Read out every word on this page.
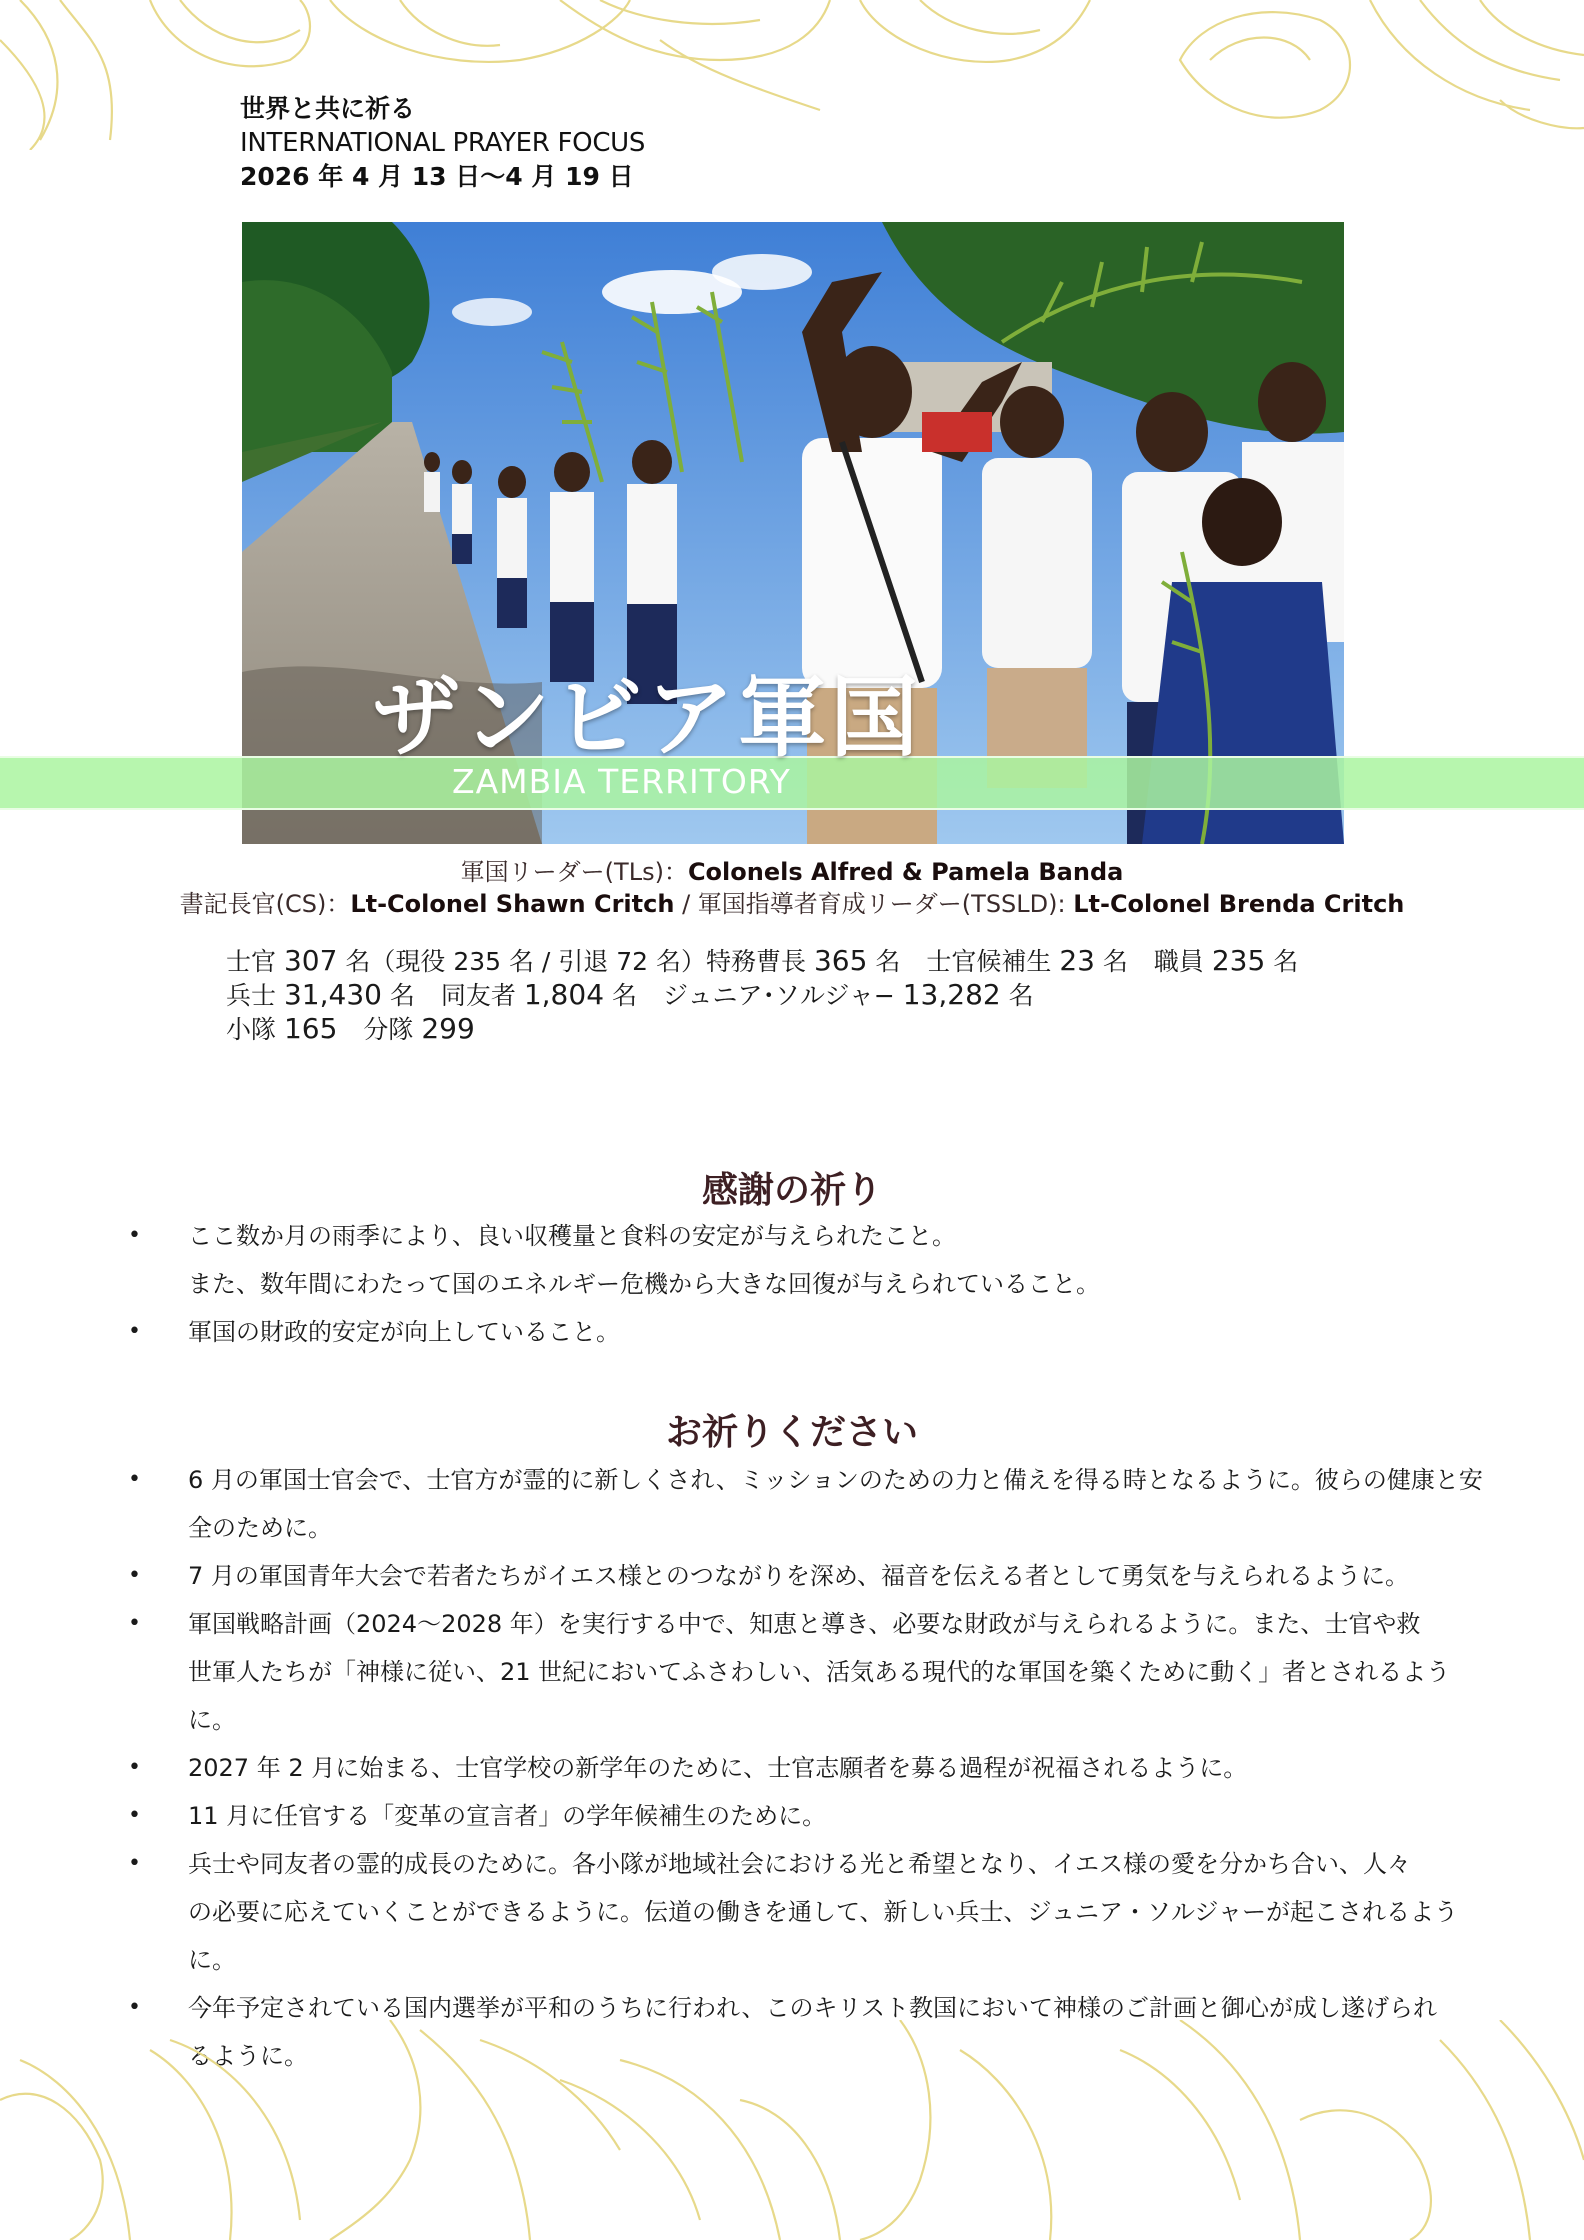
世界と共に祈る
INTERNATIONAL PRAYER FOCUS
2026 年 4 月 13 日～4 月 19 日
ザンビア軍国
ZAMBIA TERRITORY
軍国リーダー(TLs)：Colonels Alfred & Pamela Banda
書記長官(CS)：Lt-Colonel Shawn Critch / 軍国指導者育成リーダー(TSSLD): Lt-Colonel Brenda Critch
士官 307 名（現役 235 名 / 引退 72 名）特務曹長 365 名 士官候補生 23 名 職員 235 名
兵士 31,430 名 同友者 1,804 名 ジュニア･ソルジャ− 13,282 名
小隊 165 分隊 299
感謝の祈り
• ここ数か月の雨季により、良い収穫量と食料の安定が与えられたこと。
また、数年間にわたって国のエネルギー危機から大きな回復が与えられていること。
• 軍国の財政的安定が向上していること。
お祈りください
• 6 月の軍国士官会で、士官方が霊的に新しくされ、ミッションのための力と備えを得る時となるように。彼らの健康と安
全のために。
• 7 月の軍国青年大会で若者たちがイエス様とのつながりを深め、福音を伝える者として勇気を与えられるように。
• 軍国戦略計画（2024～2028 年）を実行する中で、知恵と導き、必要な財政が与えられるように。また、士官や救
世軍人たちが「神様に従い、21 世紀においてふさわしい、活気ある現代的な軍国を築くために動く」者とされるように。
• 2027 年 2 月に始まる、士官学校の新学年のために、士官志願者を募る過程が祝福されるように。
• 11 月に任官する「変革の宣言者」の学年候補生のために。
• 兵士や同友者の霊的成長のために。各小隊が地域社会における光と希望となり、イエス様の愛を分かち合い、人々
の必要に応えていくことができるように。伝道の働きを通して、新しい兵士、ジュニア・ソルジャーが起こされるように。
• 今年予定されている国内選挙が平和のうちに行われ、このキリスト教国において神様のご計画と御心が成し遂げられ
るように。
